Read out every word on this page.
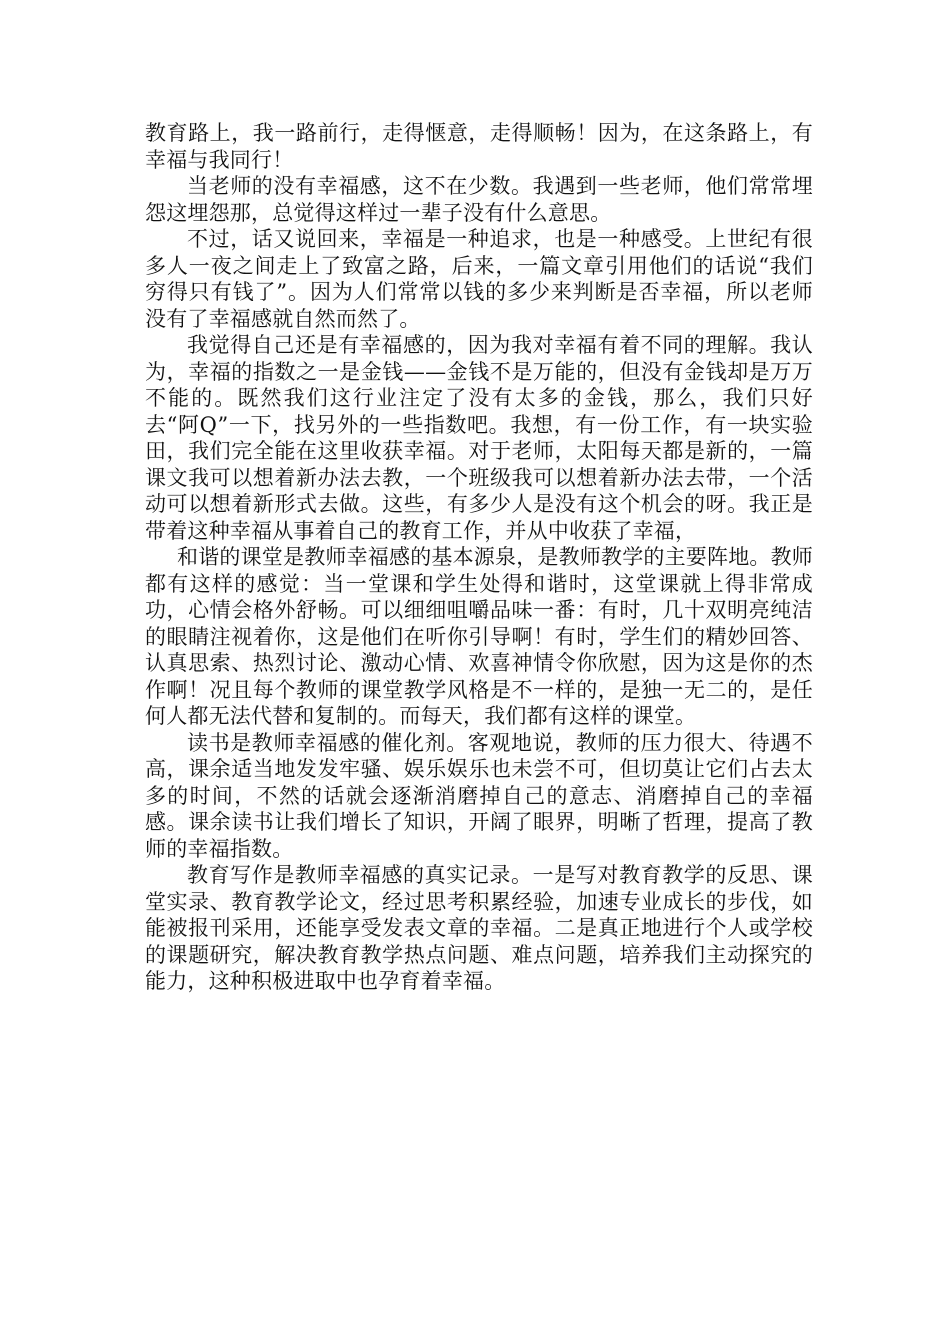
教育路上，我一路前行，走得惬意，走得顺畅！因为，在这条路上，有幸福与我同行！

当老师的没有幸福感，这不在少数。我遇到一些老师，他们常常埋怨这埋怨那，总觉得这样过一辈子没有什么意思。

不过，话又说回来，幸福是一种追求，也是一种感受。上世纪有很多人一夜之间走上了致富之路，后来，一篇文章引用他们的话说“我们穷得只有钱了”。因为人们常常以钱的多少来判断是否幸福，所以老师没有了幸福感就自然而然了。

我觉得自己还是有幸福感的，因为我对幸福有着不同的理解。我认为，幸福的指数之一是金钱——金钱不是万能的，但没有金钱却是万万不能的。既然我们这行业注定了没有太多的金钱，那么，我们只好去“阿Q”一下，找另外的一些指数吧。我想，有一份工作，有一块实验田，我们完全能在这里收获幸福。对于老师，太阳每天都是新的，一篇课文我可以想着新办法去教，一个班级我可以想着新办法去带，一个活动可以想着新形式去做。这些，有多少人是没有这个机会的呀。我正是带着这种幸福从事着自己的教育工作，并从中收获了幸福，

和谐的课堂是教师幸福感的基本源泉，是教师教学的主要阵地。教师都有这样的感觉：当一堂课和学生处得和谐时，这堂课就上得非常成功，心情会格外舒畅。可以细细咀嚼品味一番：有时，几十双明亮纯洁的眼睛注视着你，这是他们在听你引导啊！有时，学生们的精妙回答、认真思索、热烈讨论、激动心情、欢喜神情令你欣慰，因为这是你的杰作啊！况且每个教师的课堂教学风格是不一样的，是独一无二的，是任何人都无法代替和复制的。而每天，我们都有这样的课堂。

读书是教师幸福感的催化剂。客观地说，教师的压力很大、待遇不高，课余适当地发发牢骚、娱乐娱乐也未尝不可，但切莫让它们占去太多的时间，不然的话就会逐渐消磨掉自己的意志、消磨掉自己的幸福感。课余读书让我们增长了知识，开阔了眼界，明晰了哲理，提高了教师的幸福指数。

教育写作是教师幸福感的真实记录。一是写对教育教学的反思、课堂实录、教育教学论文，经过思考积累经验，加速专业成长的步伐，如能被报刊采用，还能享受发表文章的幸福。二是真正地进行个人或学校的课题研究，解决教育教学热点问题、难点问题，培养我们主动探究的能力，这种积极进取中也孕育着幸福。
